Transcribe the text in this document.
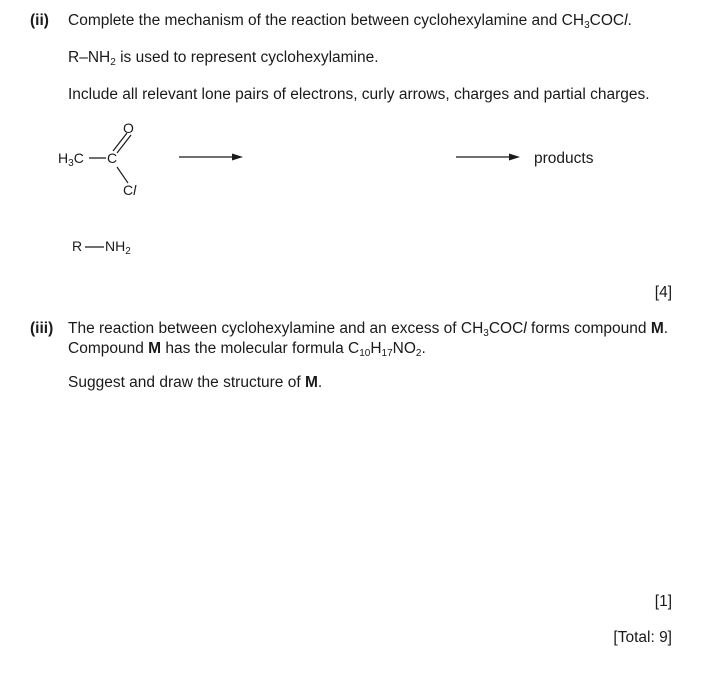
(ii) Complete the mechanism of the reaction between cyclohexylamine and $CH_3COCl$.
$R-NH_2$ is used to represent cyclohexylamine.
Include all relevant lone pairs of electrons, curly arrows, charges and partial charges.
$H_3C$ C
O
Cl
R $NH_2$
products
[4]
(iii) The reaction between cyclohexylamine and an excess of $CH_3COCl$ forms compound M.
Compound M has the molecular formula $C_{10}H_{17}NO_2$.
Suggest and draw the structure of M.
[1]
[Total: 9]
